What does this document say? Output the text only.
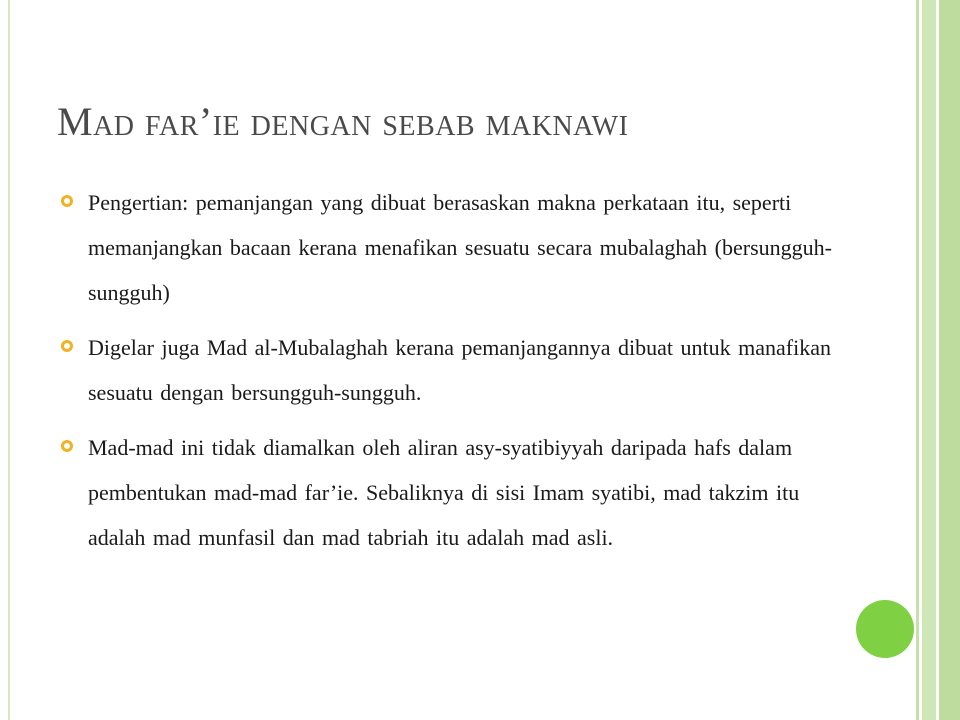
Mad far’ie dengan sebab maknawi
Pengertian: pemanjangan yang dibuat berasaskan makna perkataan itu, seperti memanjangkan bacaan kerana menafikan sesuatu secara mubalaghah (bersungguh-sungguh)
Digelar juga Mad al-Mubalaghah kerana pemanjangannya dibuat untuk manafikan sesuatu dengan bersungguh-sungguh.
Mad-mad ini tidak diamalkan oleh aliran asy-syatibiyyah daripada hafs dalam pembentukan mad-mad far’ie. Sebaliknya di sisi Imam syatibi, mad takzim itu adalah mad munfasil dan mad tabriah itu adalah mad asli.
